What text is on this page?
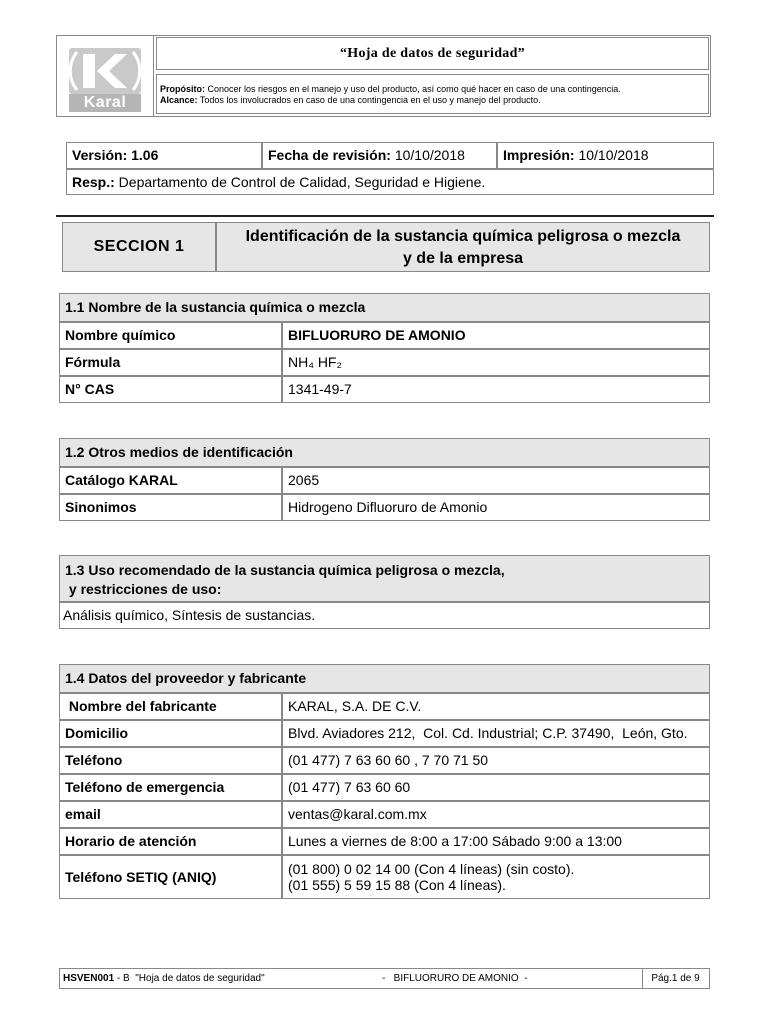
Karal
“Hoja de datos de seguridad”
Propósito: Conocer los riesgos en el manejo y uso del producto, así como qué hacer en caso de una contingencia.
Alcance: Todos los involucrados en caso de una contingencia en el uso y manejo del producto.
Versión: 1.06	Fecha de revisión: 10/10/2018	Impresión: 10/10/2018
Resp.: Departamento de Control de Calidad, Seguridad e Higiene.
SECCION 1
Identificación de la sustancia química peligrosa o mezcla
y de la empresa
1.1 Nombre de la sustancia química o mezcla
Nombre químico	BIFLUORURO DE AMONIO
Fórmula	NH₄ HF₂
N° CAS	1341-49-7
1.2 Otros medios de identificación
Catálogo KARAL	2065
Sinonimos	Hidrogeno Difluoruro de Amonio
1.3 Uso recomendado de la sustancia química peligrosa o mezcla,
y restricciones de uso:
Análisis químico, Síntesis de sustancias.
1.4 Datos del proveedor y fabricante
Nombre del fabricante	KARAL, S.A. DE C.V.
Domicilio	Blvd. Aviadores 212,  Col. Cd. Industrial; C.P. 37490,  León, Gto.
Teléfono	(01 477) 7 63 60 60 , 7 70 71 50
Teléfono de emergencia	(01 477) 7 63 60 60
email	ventas@karal.com.mx
Horario de atención	Lunes a viernes de 8:00 a 17:00 Sábado 9:00 a 13:00
Teléfono SETIQ (ANIQ)	(01 800) 0 02 14 00 (Con 4 líneas) (sin costo).
(01 555) 5 59 15 88 (Con 4 líneas).
HSVEN001 - B  "Hoja de datos de seguridad"	-   BIFLUORURO DE AMONIO  -	Pág.1 de 9
